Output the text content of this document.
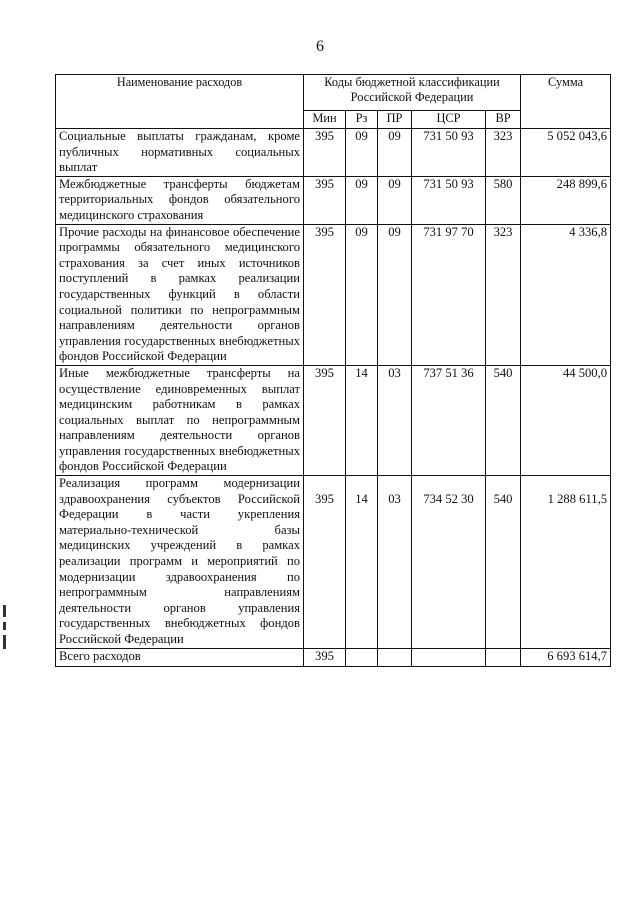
6
Наименование расходов	Коды бюджетной классификации Российской Федерации					Сумма
	Мин	Рз	ПР	ЦСР	ВР	
Социальные выплаты гражданам, кроме публичных нормативных социальных выплат	395	09	09	731 50 93	323	5 052 043,6
Межбюджетные трансферты бюджетам территориальных фондов обязательного медицинского страхования	395	09	09	731 50 93	580	248 899,6
Прочие расходы на финансовое обеспечение программы обязательного медицинского страхования за счет иных источников поступлений в рамках реализации государственных функций в области социальной политики по непрограммным направлениям деятельности органов управления государственных внебюджетных фондов Российской Федерации	395	09	09	731 97 70	323	4 336,8
Иные межбюджетные трансферты на осуществление единовременных выплат медицинским работникам в рамках социальных выплат по непрограммным направлениям деятельности органов управления государственных внебюджетных фондов Российской Федерации	395	14	03	737 51 36	540	44 500,0
Реализация программ модернизации здравоохранения субъектов Российской Федерации в части укрепления материально-технической базы медицинских учреждений в рамках реализации программ и мероприятий по модернизации здравоохранения по непрограммным направлениям деятельности органов управления государственных внебюджетных фондов Российской Федерации	395	14	03	734 52 30	540	1 288 611,5
Всего расходов	395					6 693 614,7
